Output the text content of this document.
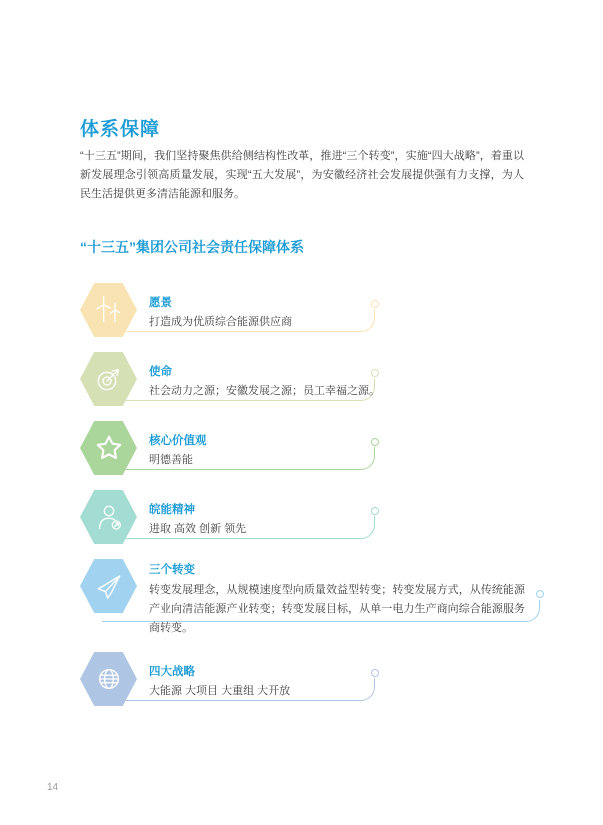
体系保障

“十三五”期间，我们坚持聚焦供给侧结构性改革，推进“三个转变”，实施“四大战略”，着重以新发展理念引领高质量发展，实现“五大发展”，为安徽经济社会发展提供强有力支撑，为人民生活提供更多清洁能源和服务。

“十三五”集团公司社会责任保障体系
愿景
打造成为优质综合能源供应商
使命
社会动力之源；安徽发展之源；员工幸福之源。
核心价值观
明德善能
皖能精神
进取 高效 创新 领先
三个转变
转变发展理念，从规模速度型向质量效益型转变；转变发展方式，从传统能源产业向清洁能源产业转变；转变发展目标，从单一电力生产商向综合能源服务商转变。
四大战略
大能源 大项目 大重组 大开放
14
